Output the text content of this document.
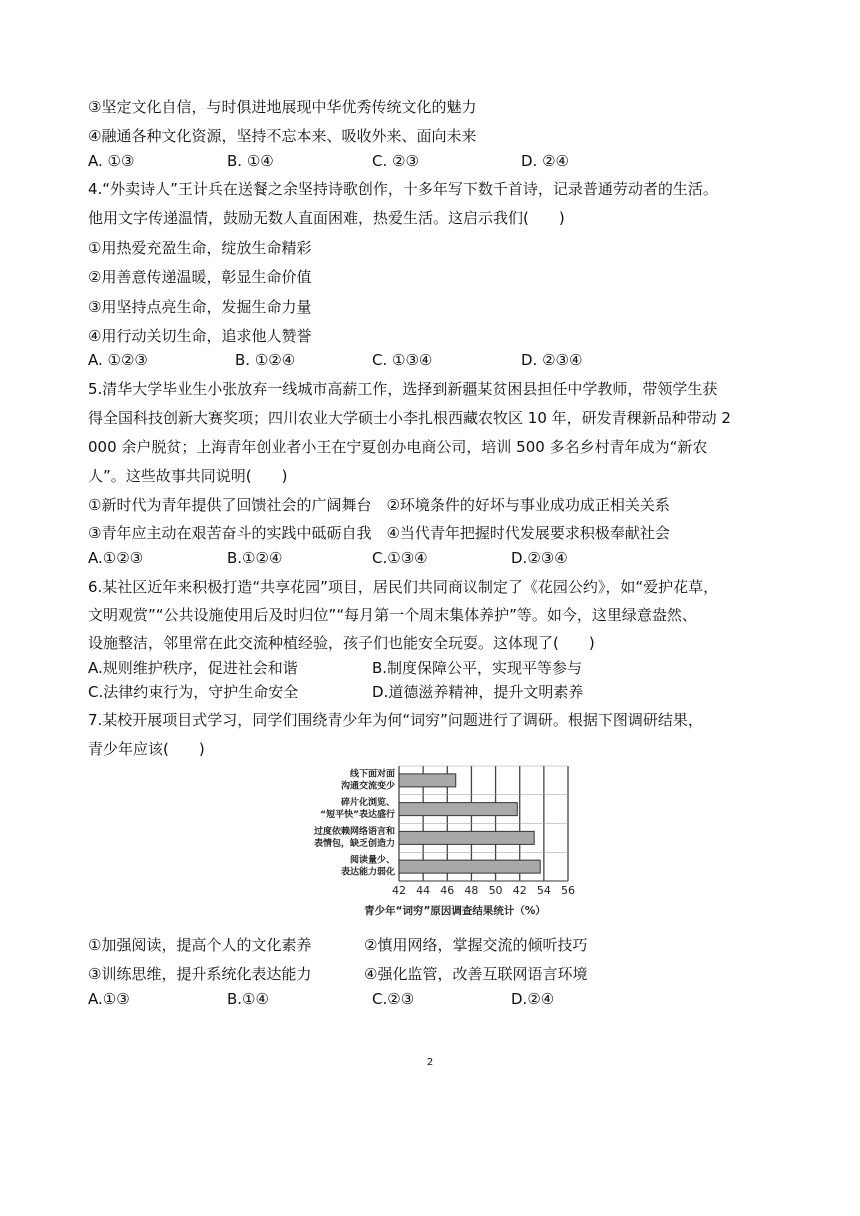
③坚定文化自信，与时俱进地展现中华优秀传统文化的魅力
④融通各种文化资源，坚持不忘本来、吸收外来、面向未来
A. ①③	B. ①④	C. ②③	D. ②④
4.“外卖诗人”王计兵在送餐之余坚持诗歌创作，十多年写下数千首诗，记录普通劳动者的生活。
他用文字传递温情，鼓励无数人直面困难，热爱生活。这启示我们(　　)
①用热爱充盈生命，绽放生命精彩
②用善意传递温暖，彰显生命价值
③用坚持点亮生命，发掘生命力量
④用行动关切生命，追求他人赞誉
A. ①②③	B. ①②④	C. ①③④	D. ②③④
5.清华大学毕业生小张放弃一线城市高薪工作，选择到新疆某贫困县担任中学教师，带领学生获
得全国科技创新大赛奖项；四川农业大学硕士小李扎根西藏农牧区 10 年，研发青稞新品种带动 2
000 余户脱贫；上海青年创业者小王在宁夏创办电商公司，培训 500 多名乡村青年成为“新农
人”。这些故事共同说明(　　)
①新时代为青年提供了回馈社会的广阔舞台　②环境条件的好坏与事业成功成正相关关系
③青年应主动在艰苦奋斗的实践中砥砺自我　④当代青年把握时代发展要求积极奉献社会
A.①②③	B.①②④	C.①③④	D.②③④
6.某社区近年来积极打造“共享花园”项目，居民们共同商议制定了《花园公约》，如“爱护花草，
文明观赏”“公共设施使用后及时归位”“每月第一个周末集体养护”等。如今，这里绿意盎然、
设施整洁，邻里常在此交流种植经验，孩子们也能安全玩耍。这体现了(　　)
A.规则维护秩序，促进社会和谐	B.制度保障公平，实现平等参与
C.法律约束行为，守护生命安全	D.道德滋养精神，提升文明素养
7.某校开展项目式学习，同学们围绕青少年为何“词穷”问题进行了调研。根据下图调研结果，
青少年应该(　　)
线下面对面
沟通交流变少
碎片化浏览、
“短平快”表达盛行
过度依赖网络语言和
表情包，缺乏创造力
阅读量少、
表达能力弱化
42 44 46 48 50 42 54 56
青少年“词穷”原因调查结果统计（%）
①加强阅读，提高个人的文化素养	②慎用网络，掌握交流的倾听技巧
③训练思维，提升系统化表达能力	④强化监管，改善互联网语言环境
A.①③	B.①④	C.②③	D.②④
2
